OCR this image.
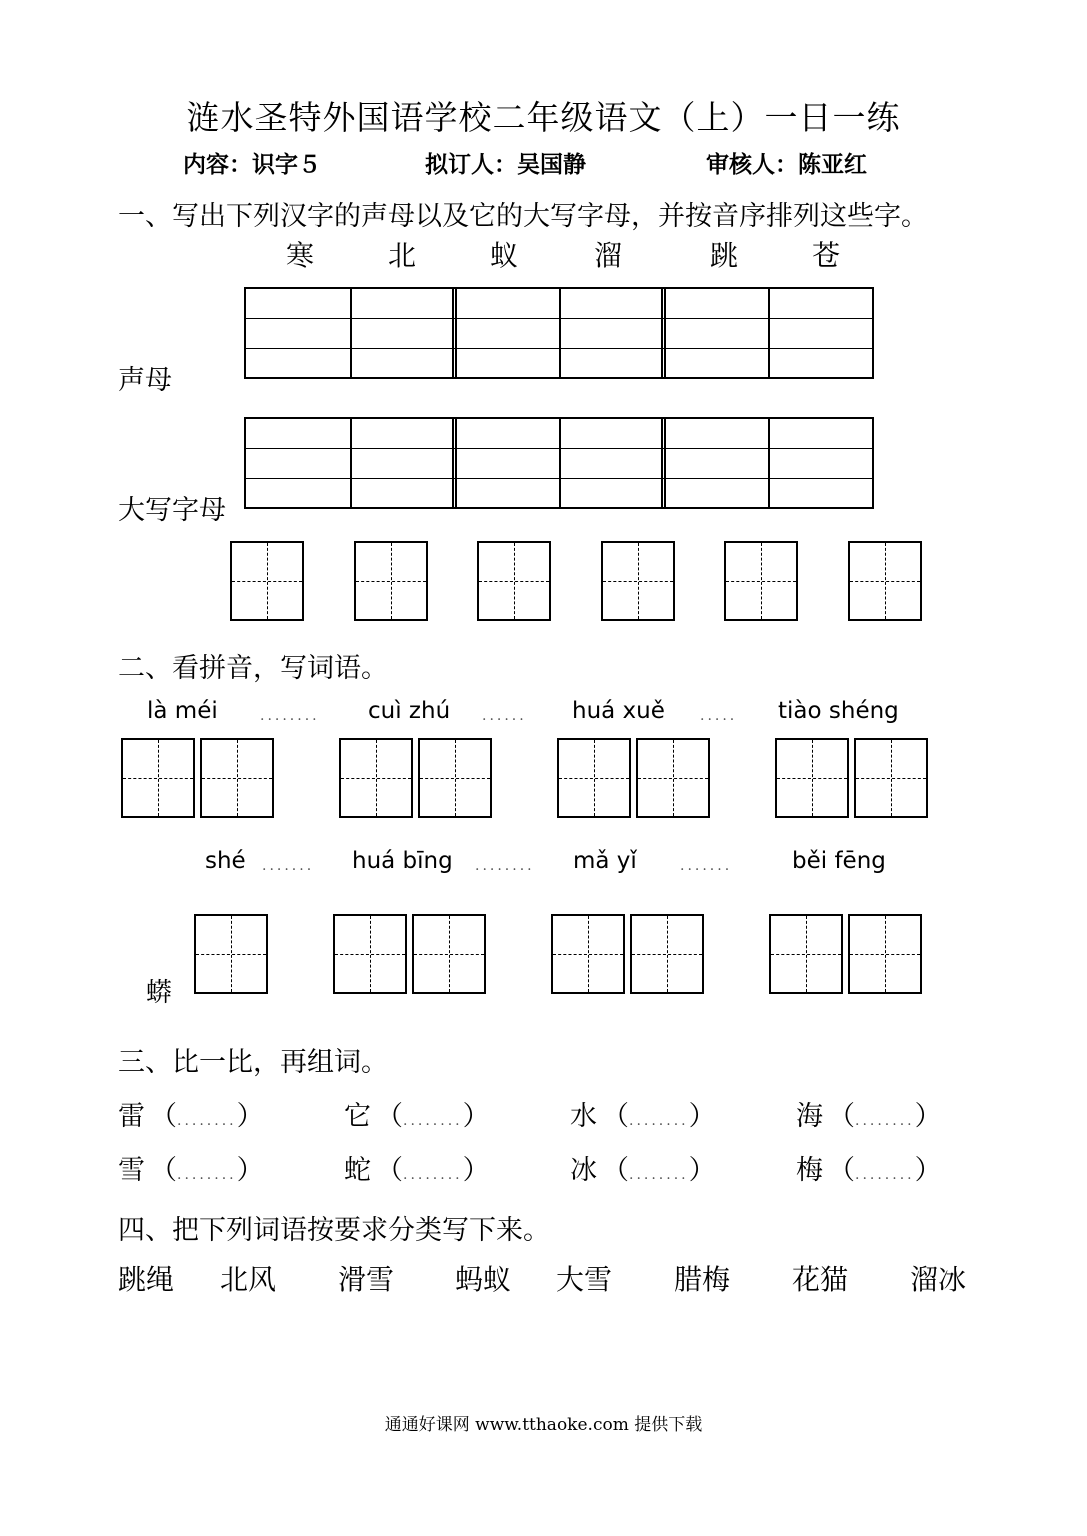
涟水圣特外国语学校二年级语文（上）一日一练
内容：识字５	拟订人：吴国静	审核人：陈亚红
一、写出下列汉字的声母以及它的大写字母，并按音序排列这些字。
寒	北	蚁	溜	跳	苍
声母
大写字母
二、看拼音，写词语。
là méi	........ cuì zhú ...... huá xuě	..... tiào shéng
shé ....... huá bīng ........ mǎ yǐ	.......	běi fēng
蟒
三、比一比，再组词。
雷 （........）	它 （........）	水 （........）	海 （........）
雪 （........）	蛇 （........）	冰 （........）	梅 （........）
四、把下列词语按要求分类写下来。
跳绳 北风 滑雪 蚂蚁 大雪 腊梅 花猫 溜冰
通通好课网 www.tthaoke.com 提供下载
